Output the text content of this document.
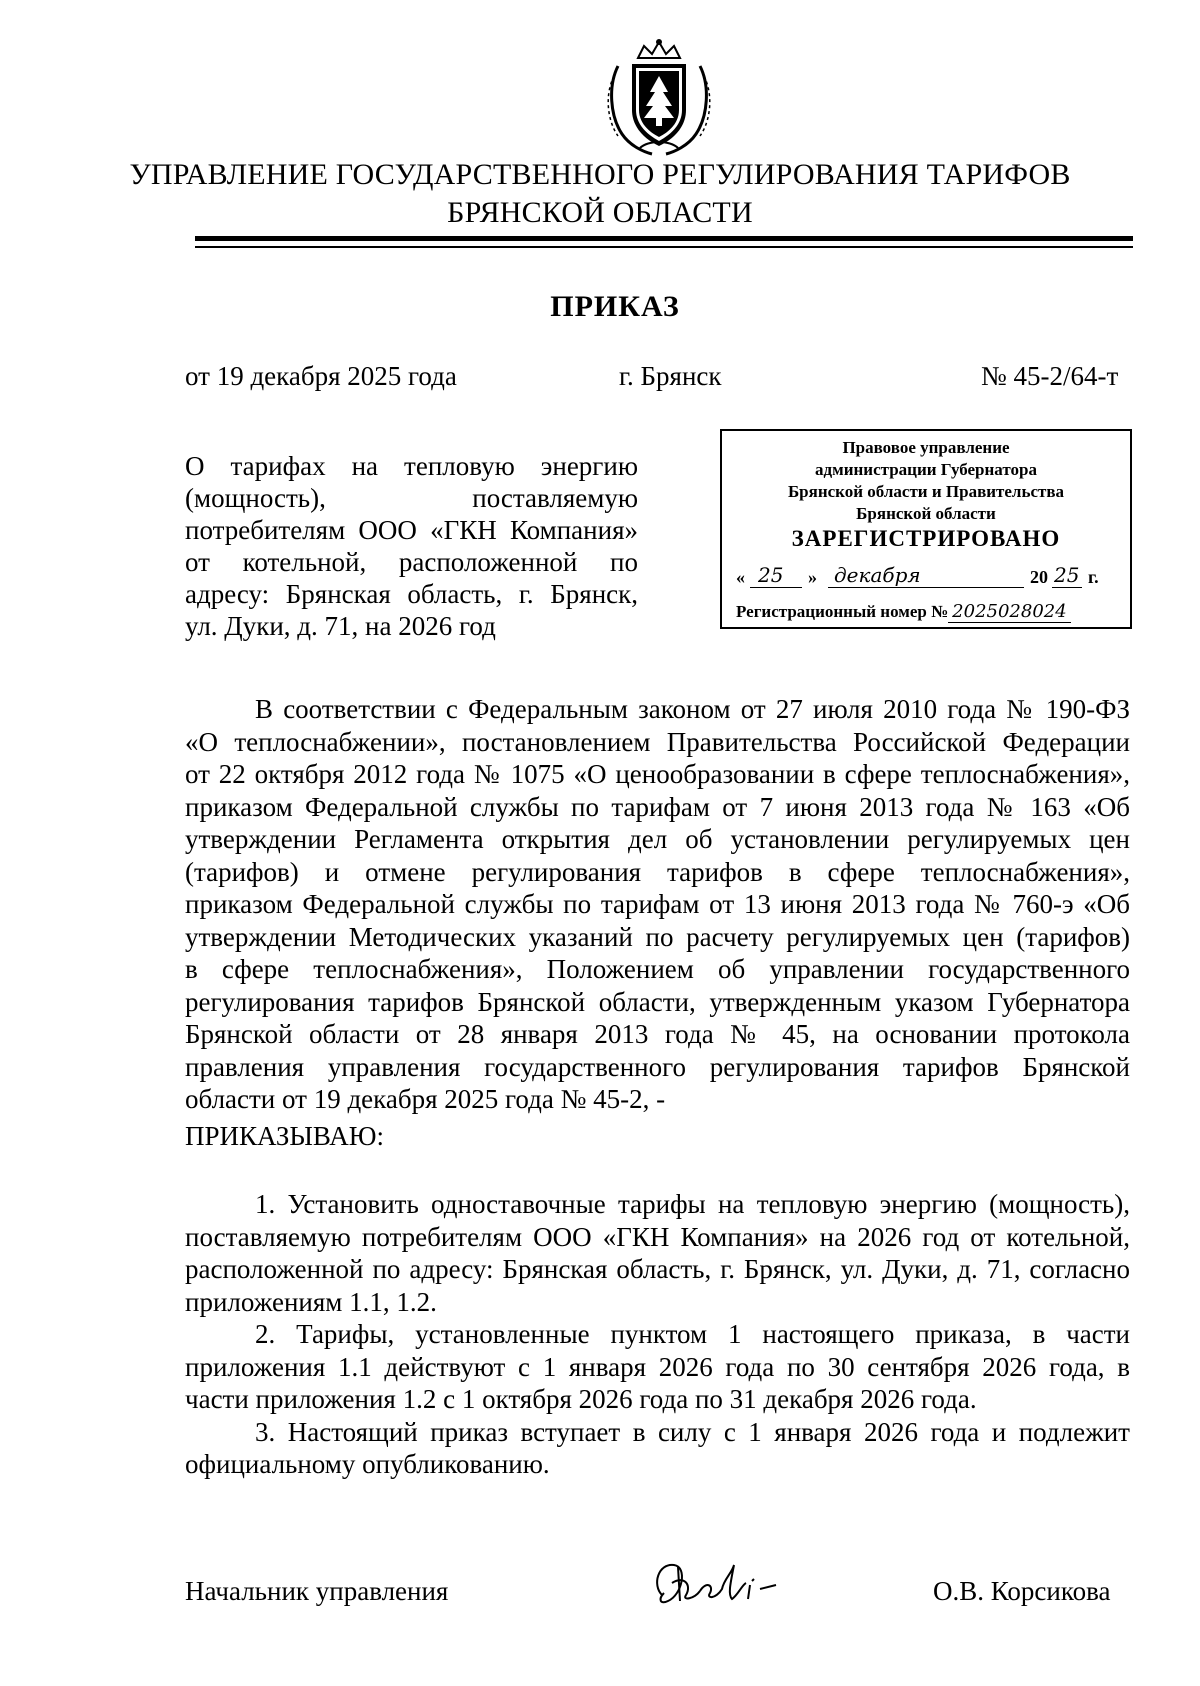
УПРАВЛЕНИЕ ГОСУДАРСТВЕННОГО РЕГУЛИРОВАНИЯ ТАРИФОВ
БРЯНСКОЙ ОБЛАСТИ
ПРИКАЗ
от 19 декабря 2025 года	г. Брянск	№ 45-2/64-т
О тарифах на тепловую энергию
(мощность), поставляемую
потребителям ООО «ГКН Компания»
от котельной, расположенной по
адресу: Брянская область, г. Брянск,
ул. Дуки, д. 71, на 2026 год
Правовое управление
администрации Губернатора
Брянской области и Правительства
Брянской области
ЗАРЕГИСТРИРОВАНО
« 25 » декабря	20 25 г.
Регистрационный номер № 2025028024
В соответствии с Федеральным законом от 27 июля 2010 года № 190-ФЗ
«О теплоснабжении», постановлением Правительства Российской Федерации
от 22 октября 2012 года № 1075 «О ценообразовании в сфере теплоснабжения»,
приказом Федеральной службы по тарифам от 7 июня 2013 года № 163 «Об
утверждении Регламента открытия дел об установлении регулируемых цен
(тарифов) и отмене регулирования тарифов в сфере теплоснабжения»,
приказом Федеральной службы по тарифам от 13 июня 2013 года № 760-э «Об
утверждении Методических указаний по расчету регулируемых цен (тарифов)
в сфере теплоснабжения», Положением об управлении государственного
регулирования тарифов Брянской области, утвержденным указом Губернатора
Брянской области от 28 января 2013 года № 45, на основании протокола
правления управления государственного регулирования тарифов Брянской
области от 19 декабря 2025 года № 45-2, -
ПРИКАЗЫВАЮ:
1. Установить одноставочные тарифы на тепловую энергию (мощность),
поставляемую потребителям ООО «ГКН Компания» на 2026 год от котельной,
расположенной по адресу: Брянская область, г. Брянск, ул. Дуки, д. 71, согласно
приложениям 1.1, 1.2.
2. Тарифы, установленные пунктом 1 настоящего приказа, в части
приложения 1.1 действуют с 1 января 2026 года по 30 сентября 2026 года, в
части приложения 1.2 с 1 октября 2026 года по 31 декабря 2026 года.
3. Настоящий приказ вступает в силу с 1 января 2026 года и подлежит
официальному опубликованию.
Начальник управления	О.В. Корсикова
